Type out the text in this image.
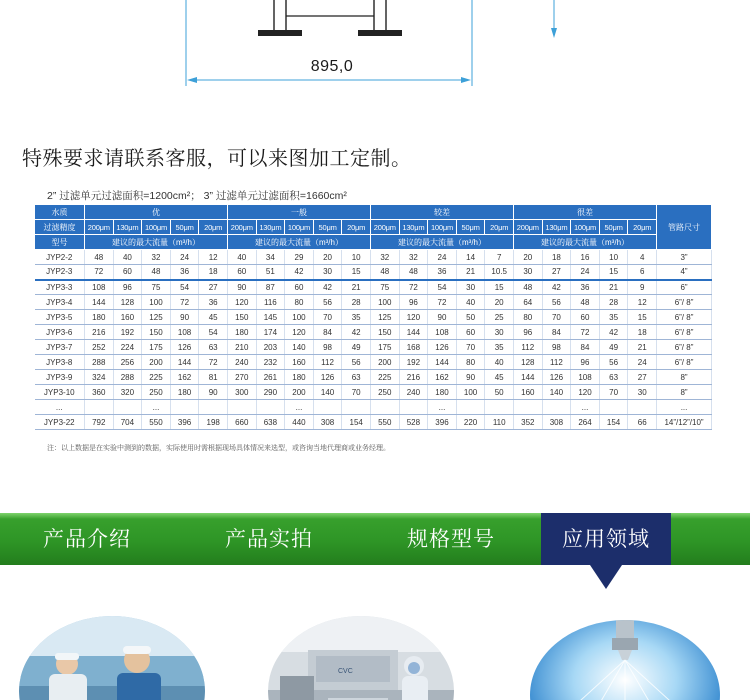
895,0
特殊要求请联系客服，可以来图加工定制。
2” 过滤单元过滤面积=1200cm²； 3” 过滤单元过滤面积=1660cm²
水质	优					一般					较差					很差					管路尺寸
过滤精度	200μm	130μm	100μm	50μm	20μm	200μm	130μm	100μm	50μm	20μm	200μm	130μm	100μm	50μm	20μm	200μm	130μm	100μm	50μm	20μm	
型号	建议的最大流量（m³/h）					建议的最大流量（m³/h）					建议的最大流量（m³/h）					建议的最大流量（m³/h）					
JYP2-2	48	40	32	24	12	40	34	29	20	10	32	32	24	14	7	20	18	16	10	4	3”
JYP2-3	72	60	48	36	18	60	51	42	30	15	48	48	36	21	10.5	30	27	24	15	6	4”
JYP3-3	108	96	75	54	27	90	87	60	42	21	75	72	54	30	15	48	42	36	21	9	6”
JYP3-4	144	128	100	72	36	120	116	80	56	28	100	96	72	40	20	64	56	48	28	12	6”/ 8”
JYP3-5	180	160	125	90	45	150	145	100	70	35	125	120	90	50	25	80	70	60	35	15	6”/ 8”
JYP3-6	216	192	150	108	54	180	174	120	84	42	150	144	108	60	30	96	84	72	42	18	6”/ 8”
JYP3-7	252	224	175	126	63	210	203	140	98	49	175	168	126	70	35	112	98	84	49	21	6”/ 8”
JYP3-8	288	256	200	144	72	240	232	160	112	56	200	192	144	80	40	128	112	96	56	24	6”/ 8”
JYP3-9	324	288	225	162	81	270	261	180	126	63	225	216	162	90	45	144	126	108	63	27	8”
JYP3-10	360	320	250	180	90	300	290	200	140	70	250	240	180	100	50	160	140	120	70	30	8”
...			...					...					...					...			...
JYP3-22	792	704	550	396	198	660	638	440	308	154	550	528	396	220	110	352	308	264	154	66	14”/12”/10”
注：以上数据是在实验中测到的数据，实际使用时需根据现场具体情况来选型，或咨询当地代理商或业务经理。
产品介绍	产品实拍	规格型号	应用领域
CVC
